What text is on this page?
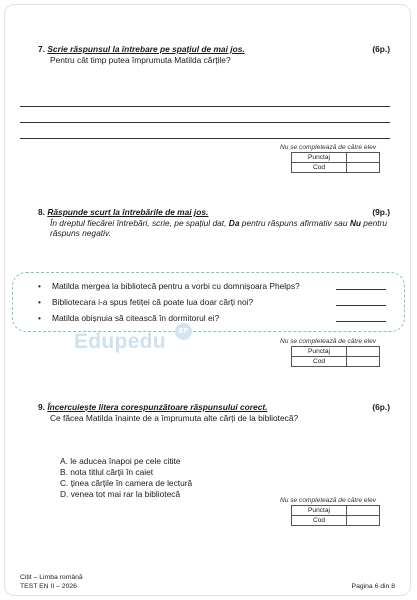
7. Scrie răspunsul la întrebare pe spațiul de mai jos.	(6p.)
Pentru cât timp putea împrumuta Matilda cărțile?
Nu se completează de către elev
Punctaj	
Cod	
8. Răspunde scurt la întrebările de mai jos.	(9p.)
În dreptul fiecărei întrebări, scrie, pe spațiul dat, Da pentru răspuns afirmativ sau Nu pentru răspuns negativ.
• Matilda mergea la bibliotecă pentru a vorbi cu domnișoara Phelps?
• Bibliotecara i-a spus fetiței că poate lua doar cărți noi?
• Matilda obișnuia să citească în dormitorul ei?
Edupedu	EP
Nu se completează de către elev
Punctaj	
Cod	
9. Încercuiește litera corespunzătoare răspunsului corect.	(6p.)
Ce făcea Matilda înainte de a împrumuta alte cărți de la bibliotecă?
A. le aducea înapoi pe cele citite
B. nota titlul cărții în caiet
C. ținea cărțile în camera de lectură
D. venea tot mai rar la bibliotecă
Nu se completează de către elev
Punctaj	
Cod	
Citit – Limba română
TEST EN II – 2026	Pagina 6 din 8
